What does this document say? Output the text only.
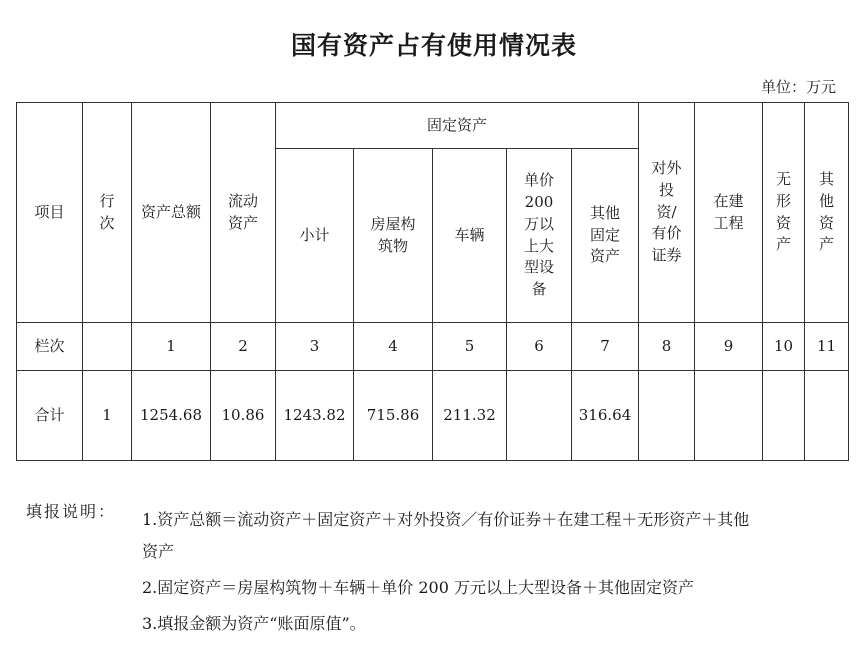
国有资产占有使用情况表
单位：万元
项目	行次	资产总额	流动资产	固定资产					对外投资/有价证券	在建工程	无形资产	其他资产
				小计	房屋构筑物	车辆	单价200万以上大型设备	其他固定资产				
栏次		1	2	3	4	5	6	7	8	9	10	11
合计	1	1254.68	10.86	1243.82	715.86	211.32		316.64				
填报说明： 1.资产总额＝流动资产＋固定资产＋对外投资／有价证券＋在建工程＋无形资产＋其他
资产
2.固定资产＝房屋构筑物＋车辆＋单价 200 万元以上大型设备＋其他固定资产
3.填报金额为资产“账面原值”。
